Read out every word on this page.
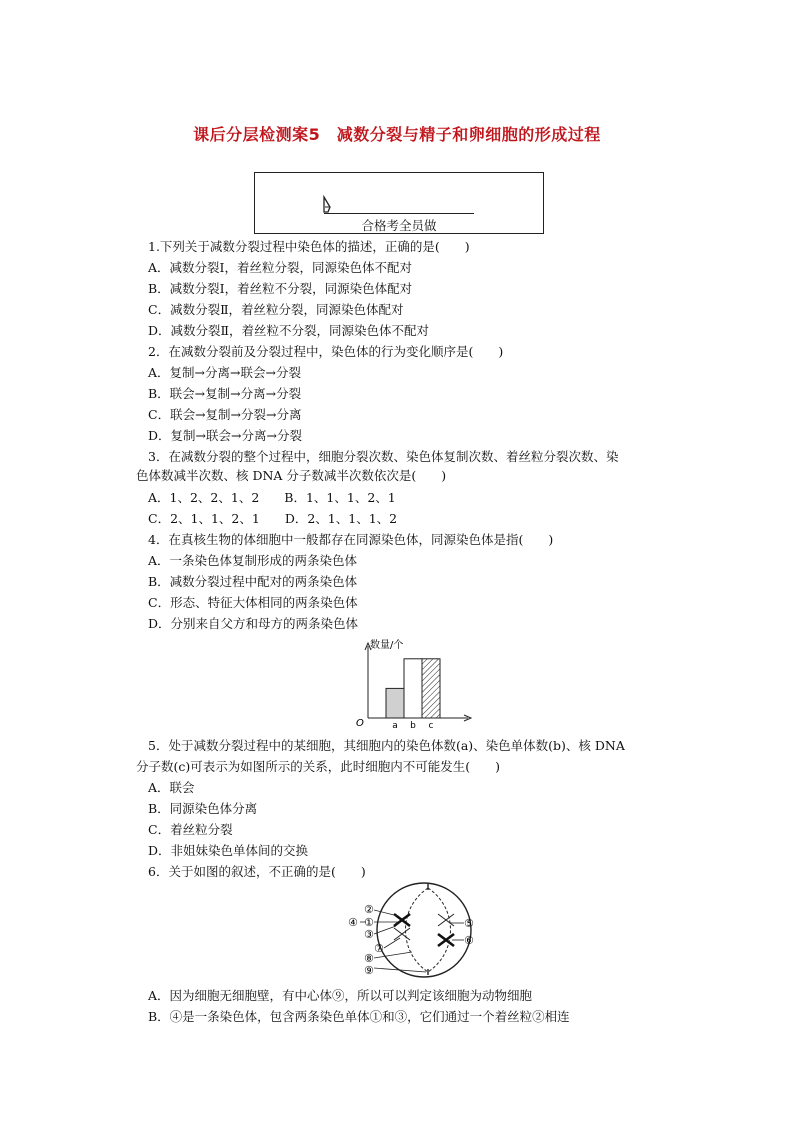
课后分层检测案5　减数分裂与精子和卵细胞的形成过程
合格考全员做
1.下列关于减数分裂过程中染色体的描述，正确的是(　　)
A．减数分裂Ⅰ，着丝粒分裂，同源染色体不配对
B．减数分裂Ⅰ，着丝粒不分裂，同源染色体配对
C．减数分裂Ⅱ，着丝粒分裂，同源染色体配对
D．减数分裂Ⅱ，着丝粒不分裂，同源染色体不配对
2．在减数分裂前及分裂过程中，染色体的行为变化顺序是(　　)
A．复制→分离→联会→分裂
B．联会→复制→分离→分裂
C．联会→复制→分裂→分离
D．复制→联会→分离→分裂
3．在减数分裂的整个过程中，细胞分裂次数、染色体复制次数、着丝粒分裂次数、染
色体数减半次数、核 DNA 分子数减半次数依次是(　　)
A．1、2、2、1、2　　B．1、1、1、2、1
C．2、1、1、2、1　　D．2、1、1、1、2
4．在真核生物的体细胞中一般都存在同源染色体，同源染色体是指(　　)
A．一条染色体复制形成的两条染色体
B．减数分裂过程中配对的两条染色体
C．形态、特征大体相同的两条染色体
D．分别来自父方和母方的两条染色体
数量/个
O	a b c
5．处于减数分裂过程中的某细胞，其细胞内的染色体数(a)、染色单体数(b)、核 DNA
分子数(c)可表示为如图所示的关系，此时细胞内不可能发生(　　)
A．联会
B．同源染色体分离
C．着丝粒分裂
D．非姐妹染色单体间的交换
6．关于如图的叙述，不正确的是(　　)
②
①
③
④	⑤
⑥
⑦
⑧
⑨
A．因为细胞无细胞壁，有中心体⑨，所以可以判定该细胞为动物细胞
B．④是一条染色体，包含两条染色单体①和③，它们通过一个着丝粒②相连
